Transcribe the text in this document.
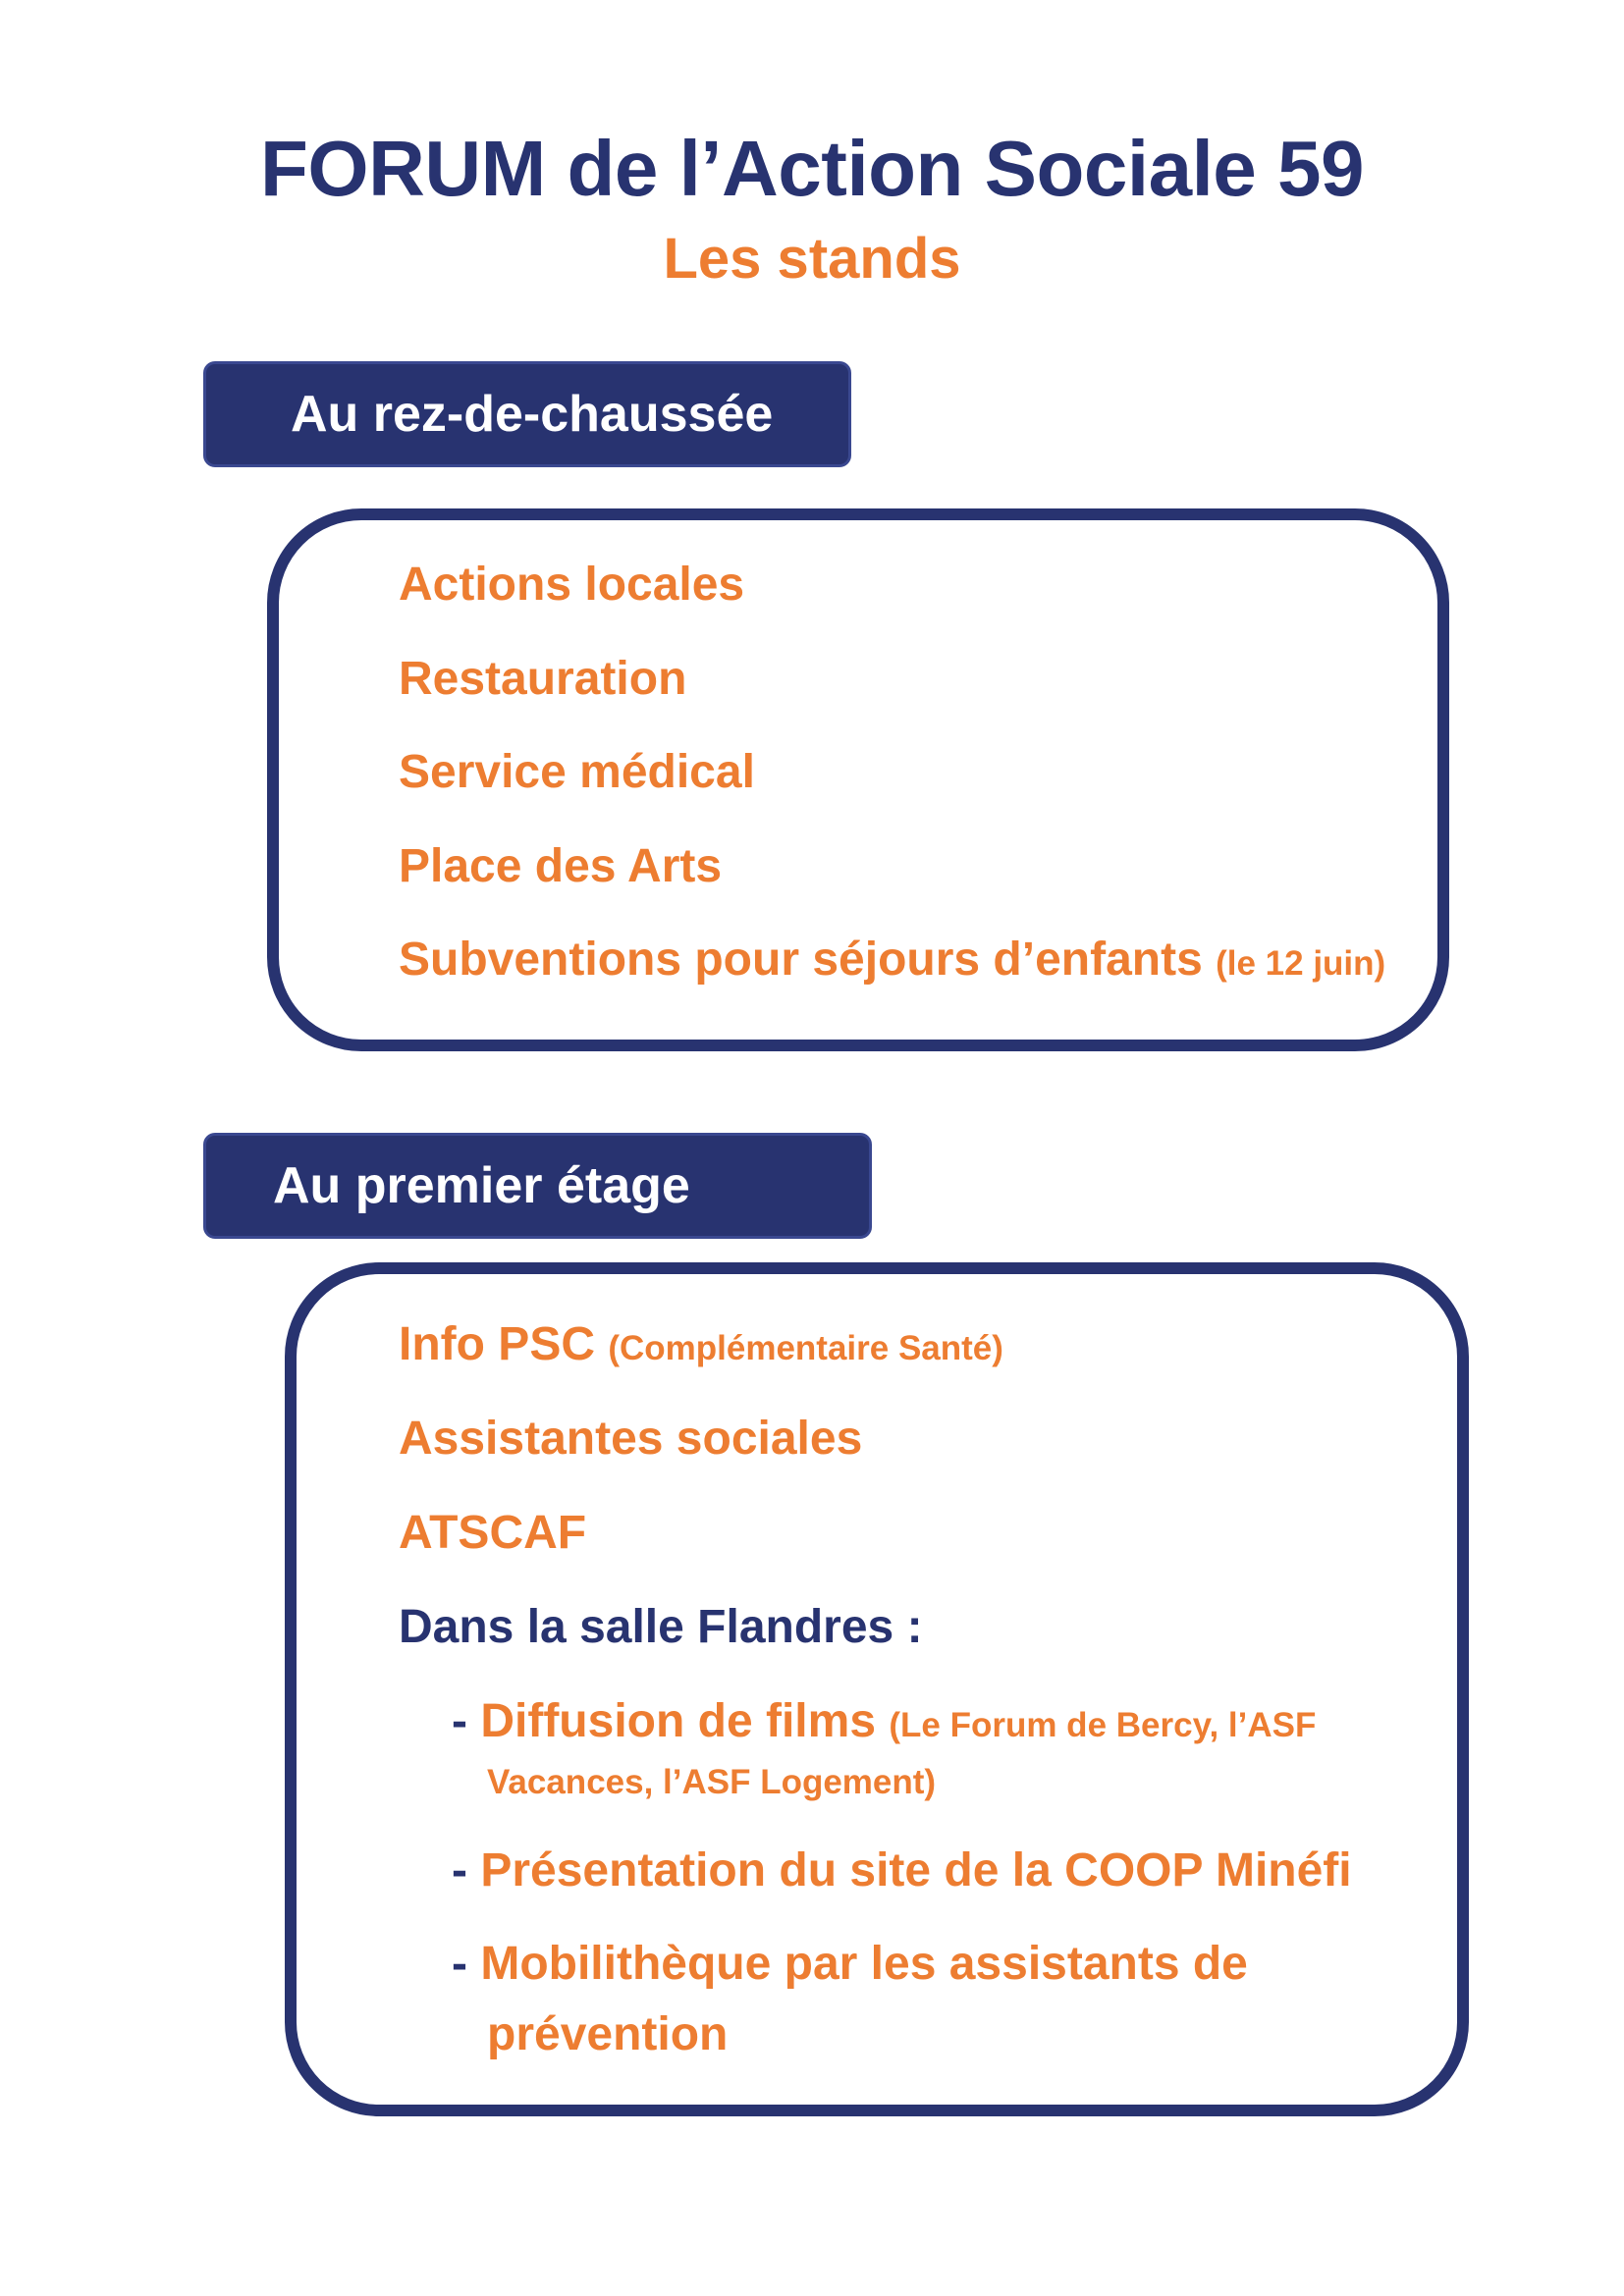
FORUM de l’Action Sociale 59
Les stands
Au rez-de-chaussée
Actions locales
Restauration
Service médical
Place des Arts
Subventions pour séjours d’enfants (le 12 juin)
Au premier étage
Info PSC (Complémentaire Santé)
Assistantes sociales
ATSCAF
Dans la salle Flandres :
- Diffusion de films (Le Forum de Bercy, l’ASF
Vacances, l’ASF Logement)
- Présentation du site de la COOP Minéfi
- Mobilithèque par les assistants de
prévention
